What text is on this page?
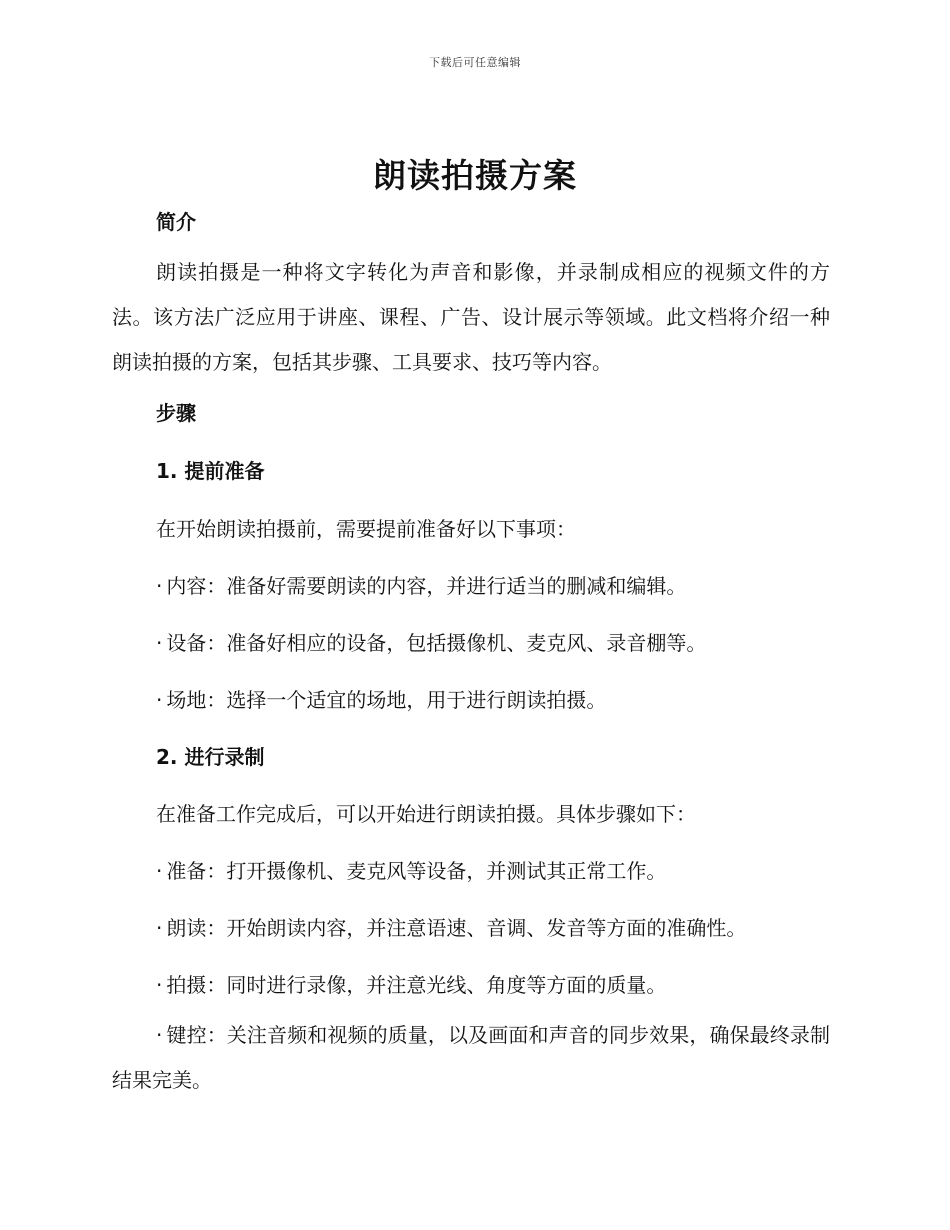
下载后可任意编辑
朗读拍摄方案
简介

朗读拍摄是一种将文字转化为声音和影像，并录制成相应的视频文件的方法。该方法广泛应用于讲座、课程、广告、设计展示等领域。此文档将介绍一种朗读拍摄的方案，包括其步骤、工具要求、技巧等内容。

步骤
1. 提前准备

在开始朗读拍摄前，需要提前准备好以下事项：

· 内容：准备好需要朗读的内容，并进行适当的删减和编辑。

· 设备：准备好相应的设备，包括摄像机、麦克风、录音棚等。

· 场地：选择一个适宜的场地，用于进行朗读拍摄。

2. 进行录制

在准备工作完成后，可以开始进行朗读拍摄。具体步骤如下：

· 准备：打开摄像机、麦克风等设备，并测试其正常工作。

· 朗读：开始朗读内容，并注意语速、音调、发音等方面的准确性。

· 拍摄：同时进行录像，并注意光线、角度等方面的质量。

· 键控：关注音频和视频的质量，以及画面和声音的同步效果，确保最终录制结果完美。
